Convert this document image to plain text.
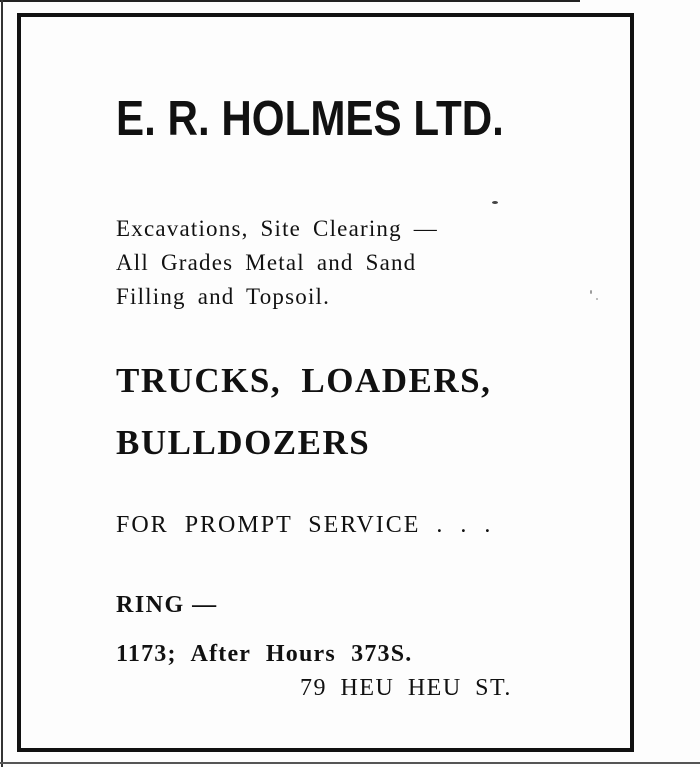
E. R. HOLMES LTD.
Excavations, Site Clearing —
All Grades Metal and Sand
Filling and Topsoil.
TRUCKS, LOADERS,
BULLDOZERS
FOR PROMPT SERVICE . . .
RING —
1173; After Hours 373S.
79 HEU HEU ST.
